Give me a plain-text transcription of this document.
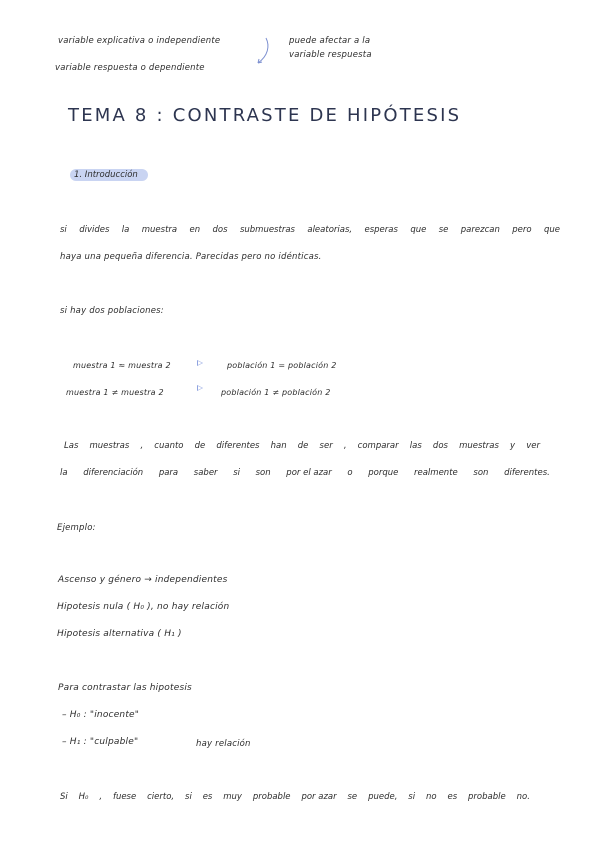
variable explicativa o independiente
variable respuesta o dependiente
puede afectar a la
variable respuesta
TEMA 8 : CONTRASTE DE HIPÓTESIS
1. Introducción
si divides la muestra en dos submuestras aleatorias, esperas que se parezcan pero que
haya una pequeña diferencia. Parecidas pero no idénticas.
si hay dos poblaciones:
muestra 1 ≈ muestra 2	población 1 = población 2
muestra 1 ≠ muestra 2	población 1 ≠ población 2
Las muestras , cuanto de diferentes han de ser , comparar las dos muestras y ver
la diferenciación para saber si son por el azar o porque realmente son diferentes.
Ejemplo:
Ascenso y género → independientes
Hipotesis nula ( H₀ ), no hay relación
Hipotesis alternativa ( H₁ )
Para contrastar las hipotesis
– H₀ : "inocente"
– H₁ : "culpable"	hay relación
Si H₀ , fuese cierto, si es muy probable por azar se puede, si no es probable no.
